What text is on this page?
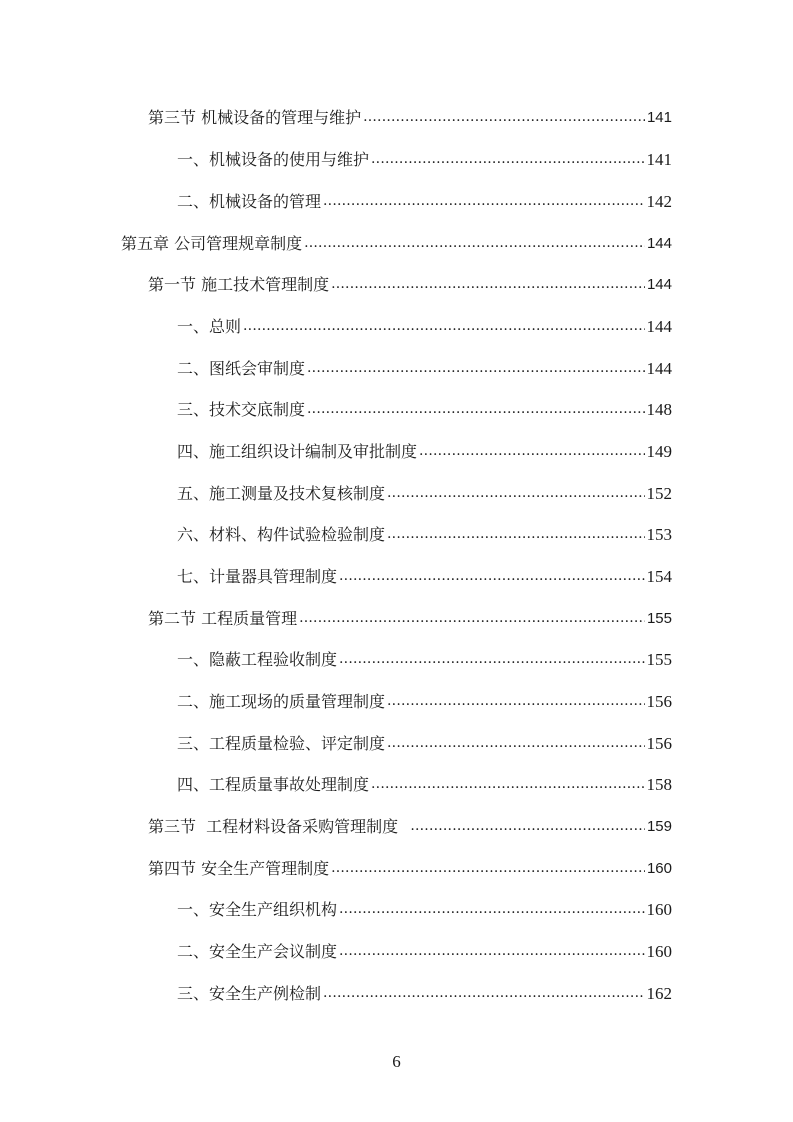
第三节 机械设备的管理与维护 .....	141
一、机械设备的使用与维护 .....	141
二、机械设备的管理 .....	142
第五章 公司管理规章制度 .....	144
第一节 施工技术管理制度 .....	144
一、总则 .....	144
二、图纸会审制度 .....	144
三、技术交底制度 .....	148
四、施工组织设计编制及审批制度 .....	149
五、施工测量及技术复核制度 .....	152
六、材料、构件试验检验制度 .....	153
七、计量器具管理制度 .....	154
第二节 工程质量管理 .....	155
一、隐蔽工程验收制度 .....	155
二、施工现场的质量管理制度 .....	156
三、工程质量检验、评定制度 .....	156
四、工程质量事故处理制度 .....	158
第三节  工程材料设备采购管理制度 .....	159
第四节 安全生产管理制度 .....	160
一、安全生产组织机构 .....	160
二、安全生产会议制度 .....	160
三、安全生产例检制 .....	162
6
